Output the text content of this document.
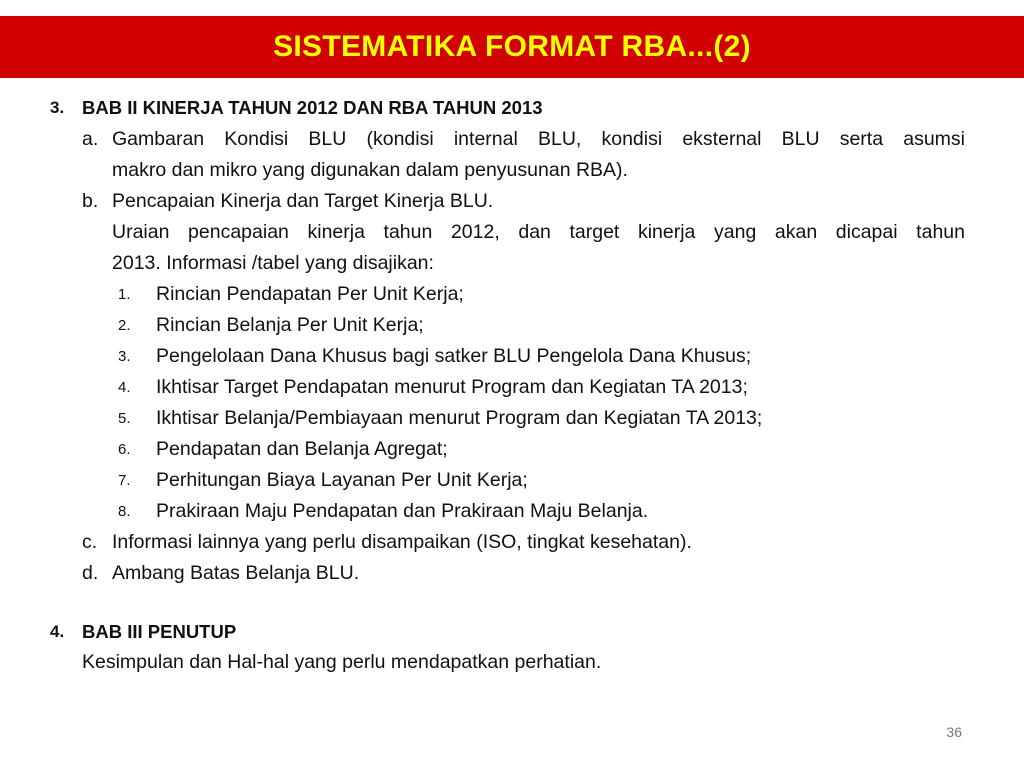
SISTEMATIKA FORMAT RBA...(2)
3. BAB II KINERJA TAHUN 2012 DAN RBA TAHUN 2013
a. Gambaran Kondisi BLU (kondisi internal BLU, kondisi eksternal BLU serta asumsi
makro dan mikro yang digunakan dalam penyusunan RBA).
b. Pencapaian Kinerja dan Target Kinerja BLU.
Uraian pencapaian kinerja tahun 2012, dan target kinerja yang akan dicapai tahun
2013. Informasi /tabel yang disajikan:
1. Rincian Pendapatan Per Unit Kerja;
2. Rincian Belanja Per Unit Kerja;
3. Pengelolaan Dana Khusus bagi satker BLU Pengelola Dana Khusus;
4. Ikhtisar Target Pendapatan menurut Program dan Kegiatan TA 2013;
5. Ikhtisar Belanja/Pembiayaan menurut Program dan Kegiatan TA 2013;
6. Pendapatan dan Belanja Agregat;
7. Perhitungan Biaya Layanan Per Unit Kerja;
8. Prakiraan Maju Pendapatan dan Prakiraan Maju Belanja.
c. Informasi lainnya yang perlu disampaikan (ISO, tingkat kesehatan).
d. Ambang Batas Belanja BLU.
4. BAB III PENUTUP
Kesimpulan dan Hal-hal yang perlu mendapatkan perhatian.
36
